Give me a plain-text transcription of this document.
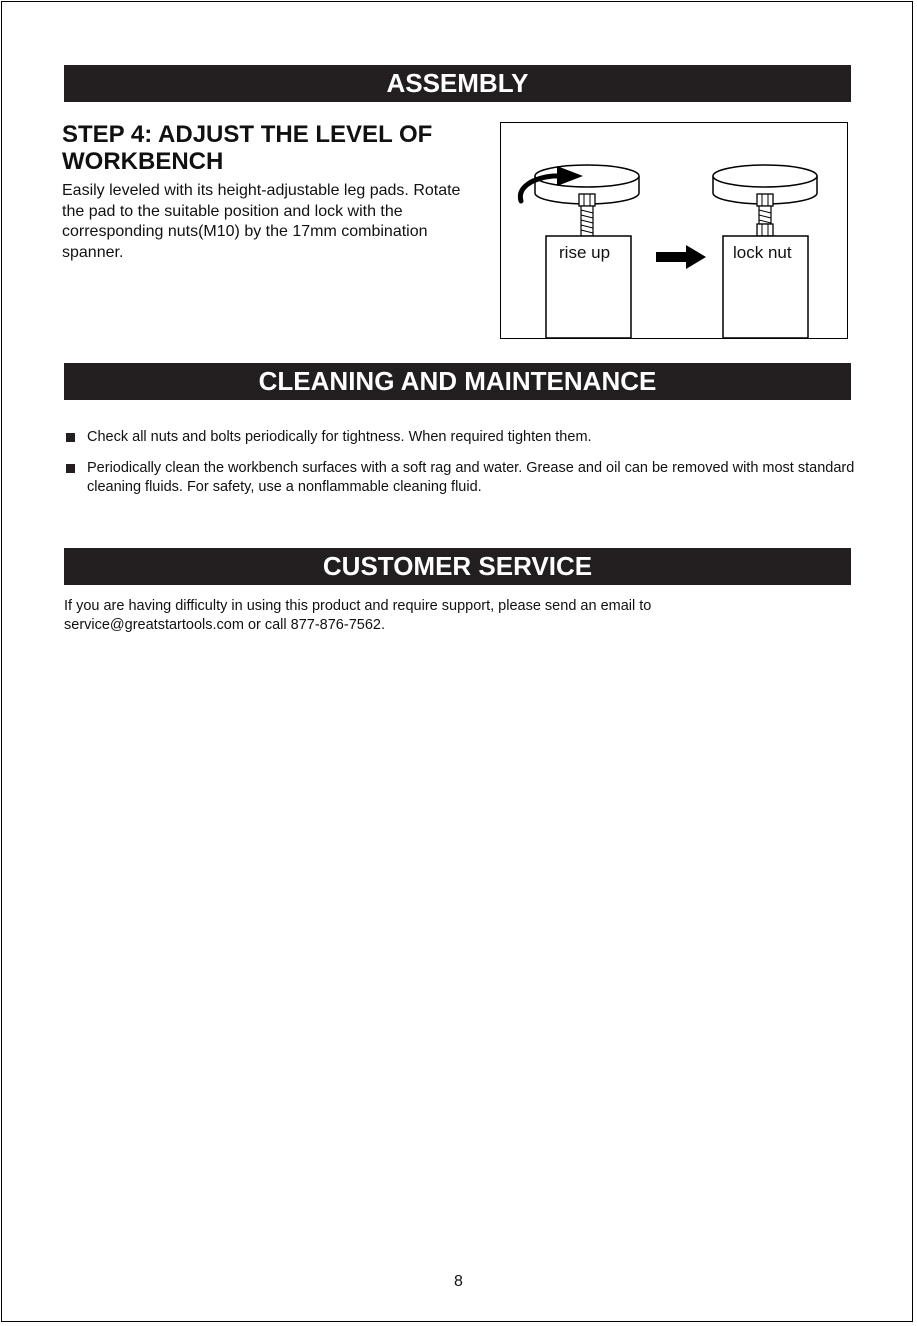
ASSEMBLY
STEP 4: ADJUST THE LEVEL OF WORKBENCH

Easily leveled with its height-adjustable leg pads. Rotate the pad to the suitable position and lock with the corresponding nuts(M10) by the 17mm combination spanner.	rise up	lock nut
CLEANING AND MAINTENANCE
Check all nuts and bolts periodically for tightness. When required tighten them.
Periodically clean the workbench surfaces with a soft rag and water. Grease and oil can be removed with most standard cleaning fluids. For safety, use a nonflammable cleaning fluid.
CUSTOMER SERVICE

If you are having difficulty in using this product and require support, please send an email to service@greatstartools.com or call 877-876-7562.

8
